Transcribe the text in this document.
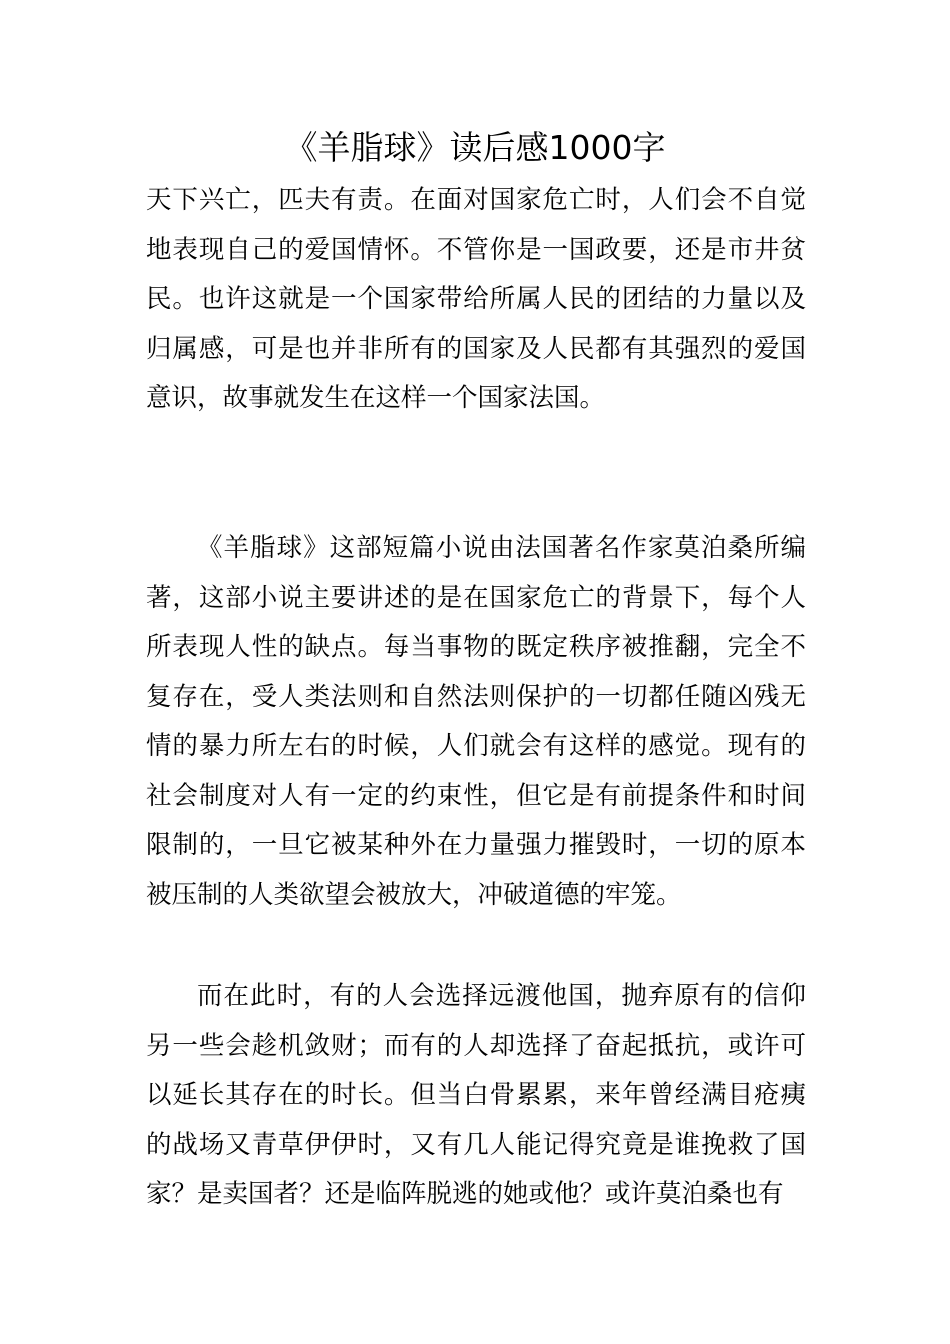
《羊脂球》读后感1000字

天下兴亡，匹夫有责。在面对国家危亡时，人们会不自觉地表现自己的爱国情怀。不管你是一国政要，还是市井贫民。也许这就是一个国家带给所属人民的团结的力量以及归属感，可是也并非所有的国家及人民都有其强烈的爱国意识，故事就发生在这样一个国家法国。

《羊脂球》这部短篇小说由法国著名作家莫泊桑所编著，这部小说主要讲述的是在国家危亡的背景下，每个人所表现人性的缺点。每当事物的既定秩序被推翻，完全不复存在，受人类法则和自然法则保护的一切都任随凶残无情的暴力所左右的时候，人们就会有这样的感觉。现有的社会制度对人有一定的约束性，但它是有前提条件和时间限制的，一旦它被某种外在力量强力摧毁时，一切的原本被压制的人类欲望会被放大，冲破道德的牢笼。

而在此时，有的人会选择远渡他国，抛弃原有的信仰另一些会趁机敛财；而有的人却选择了奋起抵抗，或许可以延长其存在的时长。但当白骨累累，来年曾经满目疮痍的战场又青草伊伊时，又有几人能记得究竟是谁挽救了国家？是卖国者？还是临阵脱逃的她或他？或许莫泊桑也有
